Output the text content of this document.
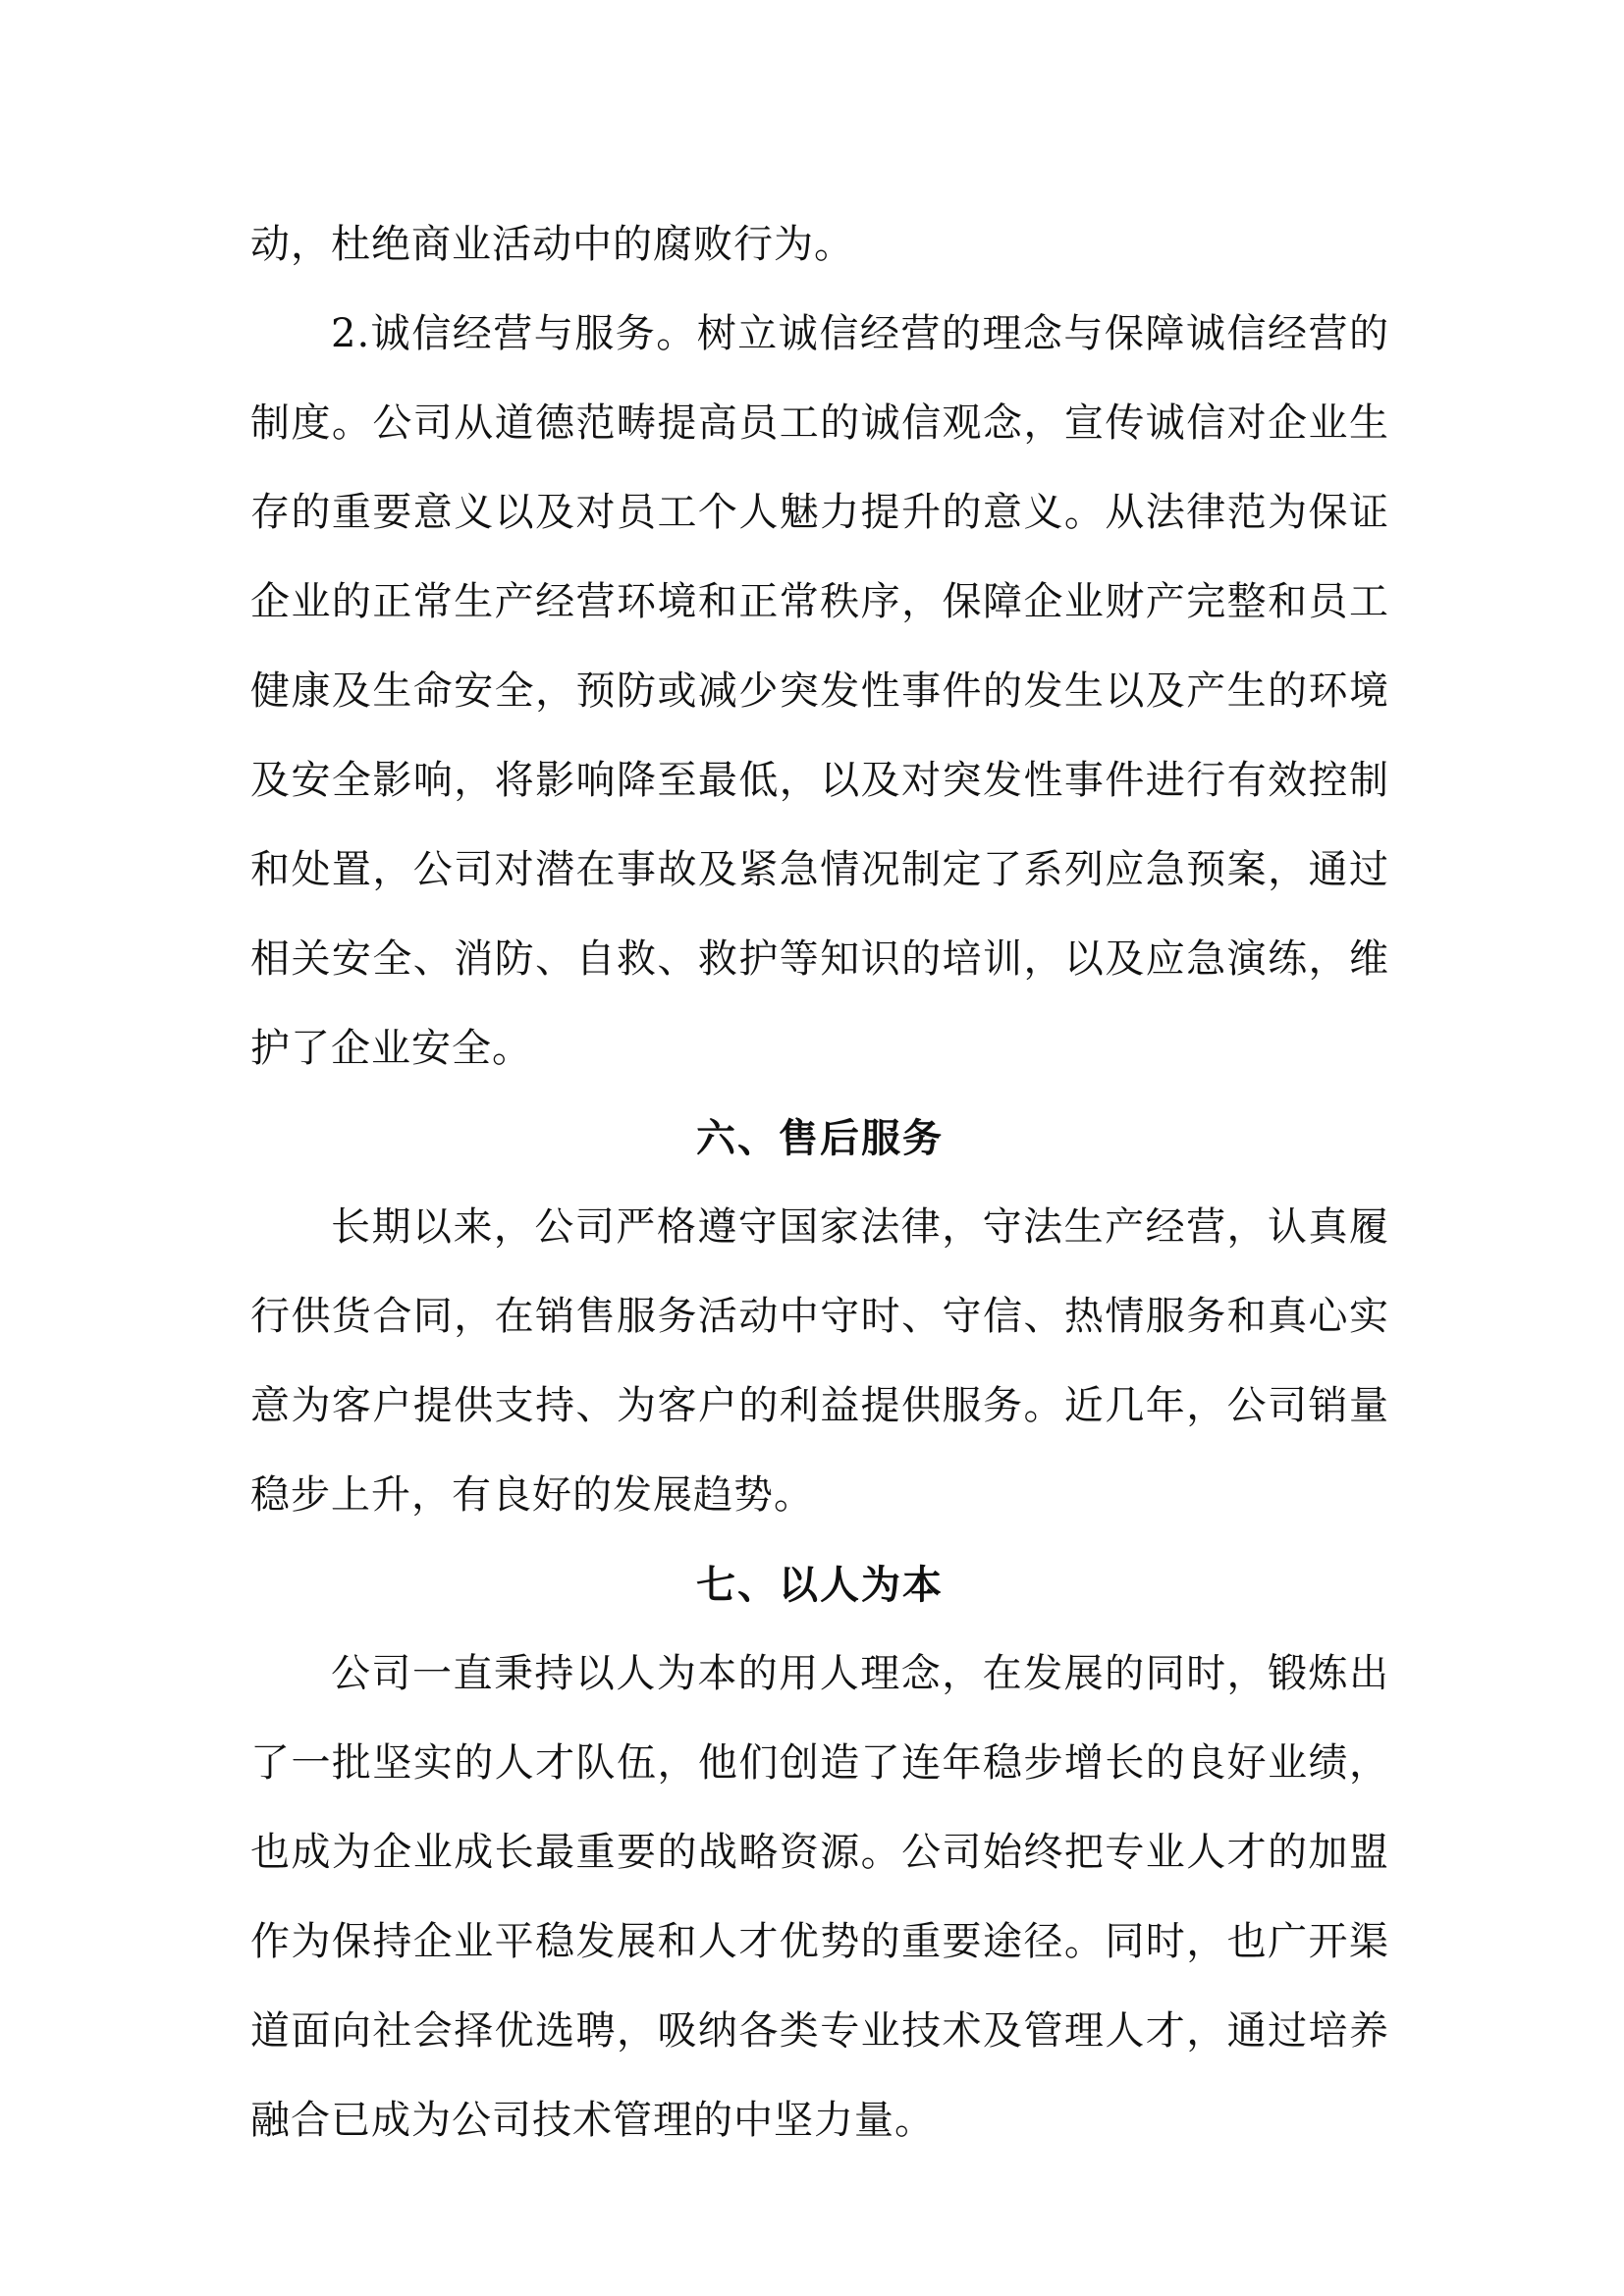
动，杜绝商业活动中的腐败行为。

2.诚信经营与服务。树立诚信经营的理念与保障诚信经营的制度。公司从道德范畴提高员工的诚信观念，宣传诚信对企业生存的重要意义以及对员工个人魅力提升的意义。从法律范为保证企业的正常生产经营环境和正常秩序，保障企业财产完整和员工健康及生命安全，预防或减少突发性事件的发生以及产生的环境及安全影响，将影响降至最低，以及对突发性事件进行有效控制和处置，公司对潜在事故及紧急情况制定了系列应急预案，通过相关安全、消防、自救、救护等知识的培训，以及应急演练，维护了企业安全。

六、售后服务

长期以来，公司严格遵守国家法律，守法生产经营，认真履行供货合同，在销售服务活动中守时、守信、热情服务和真心实意为客户提供支持、为客户的利益提供服务。近几年，公司销量稳步上升，有良好的发展趋势。

七、以人为本

公司一直秉持以人为本的用人理念，在发展的同时，锻炼出了一批坚实的人才队伍，他们创造了连年稳步增长的良好业绩，也成为企业成长最重要的战略资源。公司始终把专业人才的加盟作为保持企业平稳发展和人才优势的重要途径。同时，也广开渠道面向社会择优选聘，吸纳各类专业技术及管理人才，通过培养融合已成为公司技术管理的中坚力量。
